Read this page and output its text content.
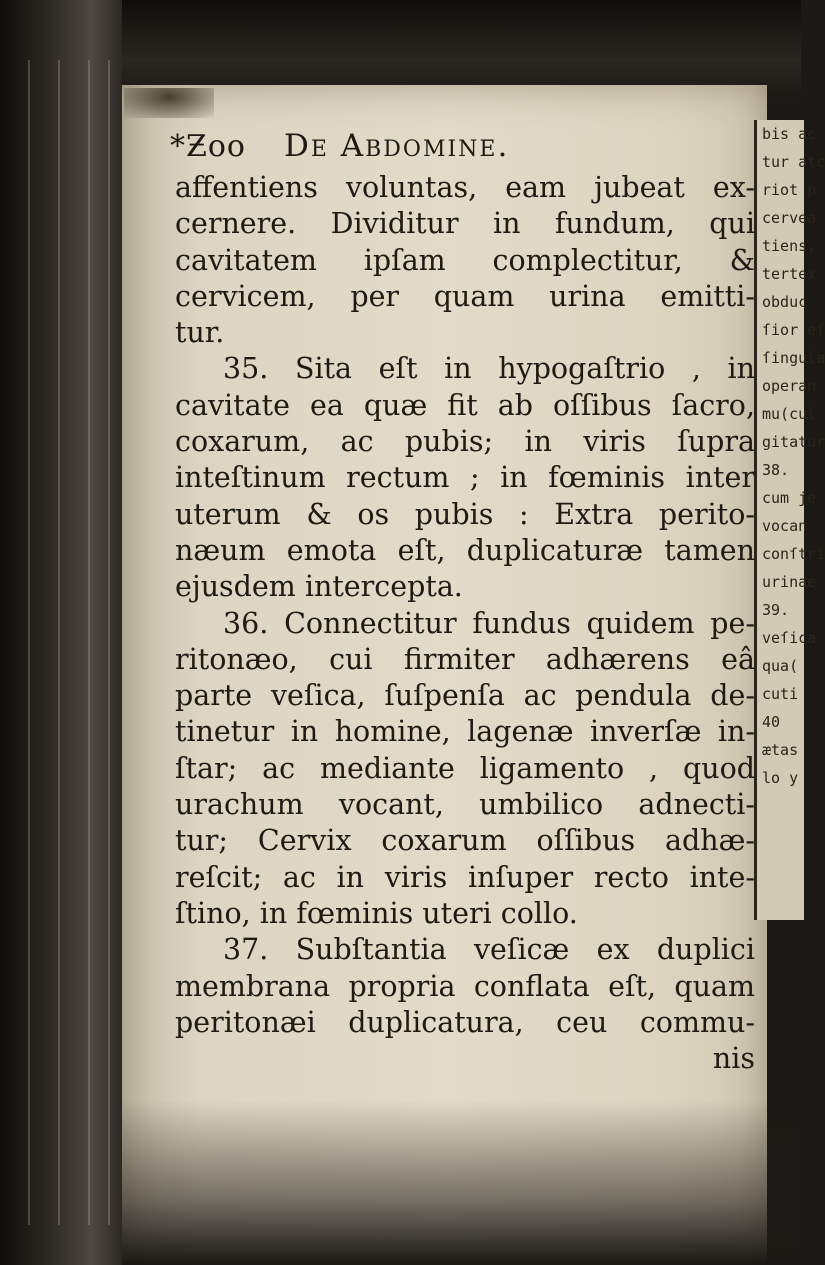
bis ac
tur atc
riot p
cervea
tiens,
tertex
obduc
ſior eſ
ſingula
operan
mu(cul
gitatur
38.
cum je
vocan
conſtri
urinae
39.
veſica
qua(
cuti
40
ætas
lo y
*Ƶoo De Abdomine.
affentiens voluntas, eam jubeat ex-
cernere. Dividitur in fundum, qui
cavitatem ipſam complectitur, &
cervicem, per quam urina emitti-
tur.
35. Sita eſt in hypogaſtrio , in
cavitate ea quæ fit ab oſſibus ſacro,
coxarum, ac pubis; in viris ſupra
inteſtinum rectum ; in fœminis inter
uterum & os pubis : Extra perito-
næum emota eſt, duplicaturæ tamen
ejusdem intercepta.
36. Connectitur fundus quidem pe-
ritonæo, cui firmiter adhærens eâ
parte veſica, ſuſpenſa ac pendula de-
tinetur in homine, lagenæ inverſæ in-
ſtar; ac mediante ligamento , quod
urachum vocant, umbilico adnecti-
tur; Cervix coxarum oſſibus adhæ-
reſcit; ac in viris inſuper recto inte-
ſtino, in fœminis uteri collo.
37. Subſtantia veſicæ ex duplici
membrana propria conflata eſt, quam
peritonæi duplicatura, ceu commu-
nis
